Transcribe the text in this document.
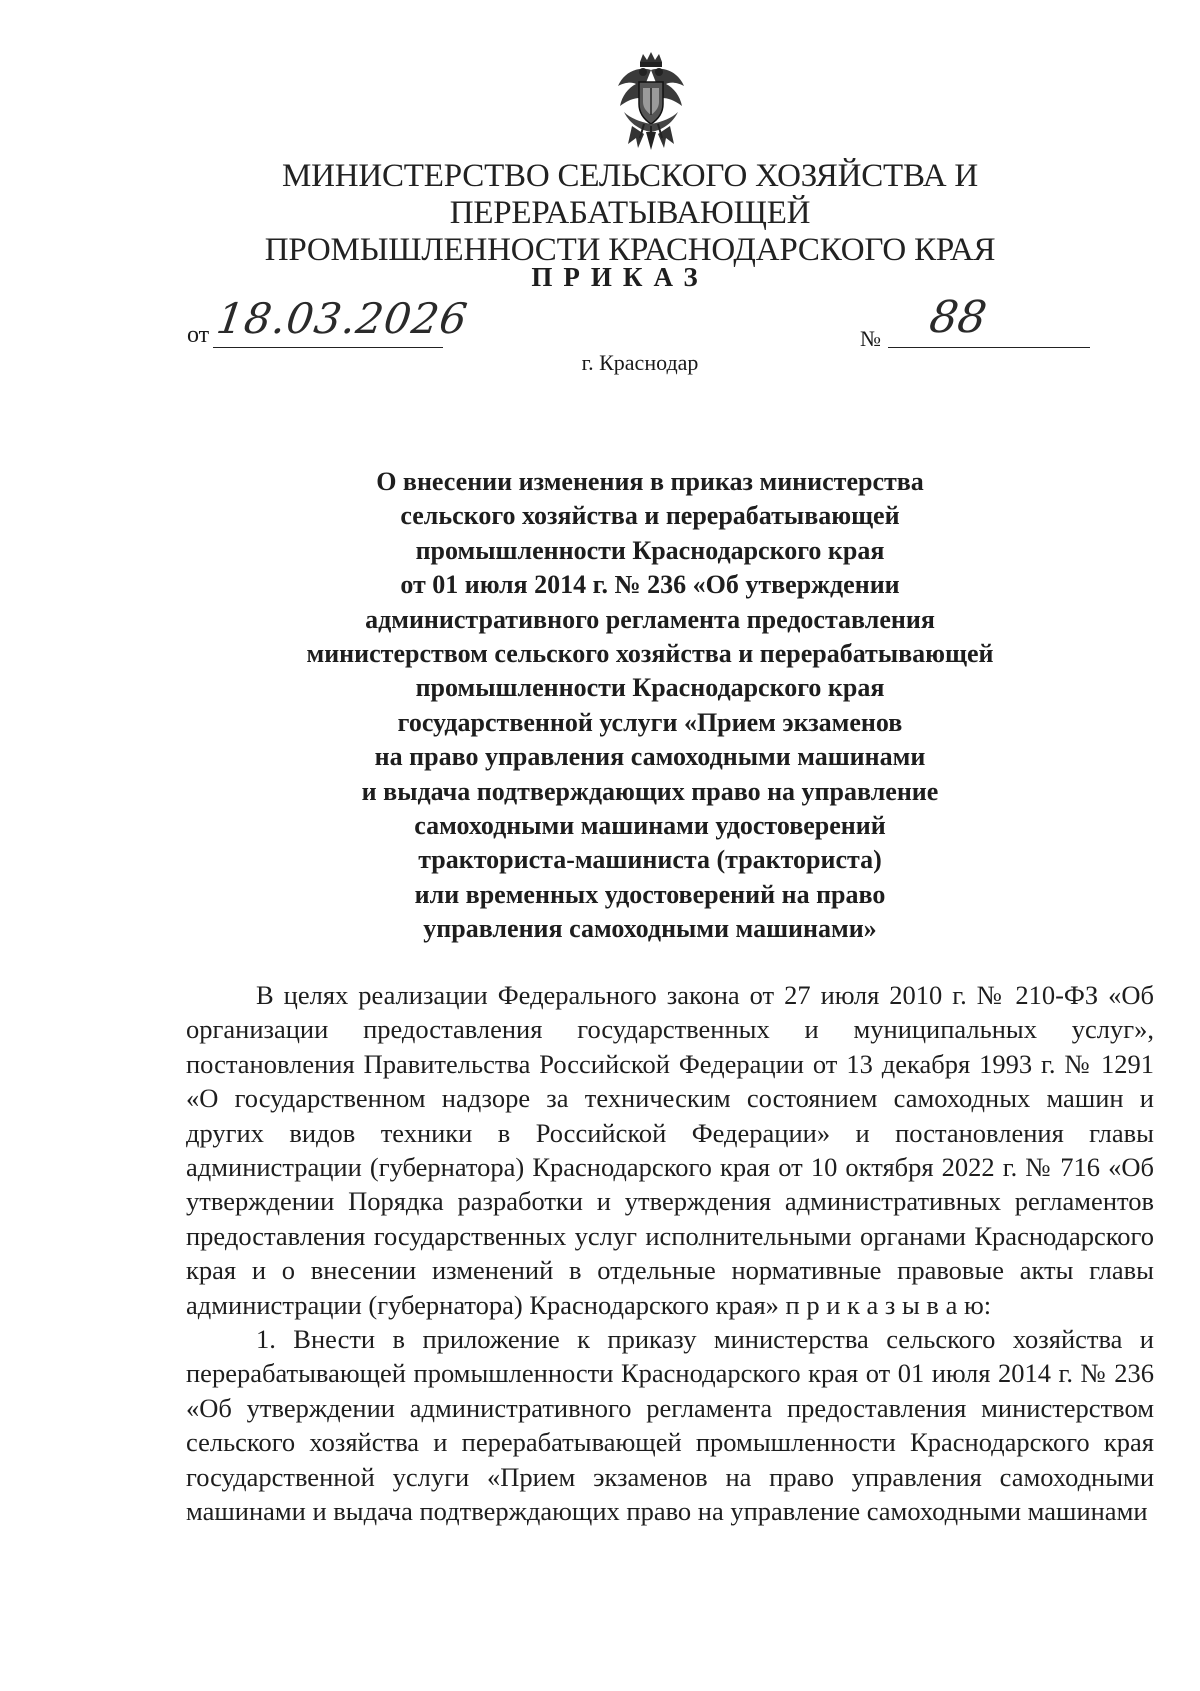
МИНИСТЕРСТВО СЕЛЬСКОГО ХОЗЯЙСТВА И ПЕРЕРАБАТЫВАЮЩЕЙ
ПРОМЫШЛЕННОСТИ КРАСНОДАРСКОГО КРАЯ
ПРИКАЗ
от 18.03.2026	№ 88
г. Краснодар
О внесении изменения в приказ министерства
сельского хозяйства и перерабатывающей
промышленности Краснодарского края
от 01 июля 2014 г. № 236 «Об утверждении
административного регламента предоставления
министерством сельского хозяйства и перерабатывающей
промышленности Краснодарского края
государственной услуги «Прием экзаменов
на право управления самоходными машинами
и выдача подтверждающих право на управление
самоходными машинами удостоверений
тракториста-машиниста (тракториста)
или временных удостоверений на право
управления самоходными машинами»

В целях реализации Федерального закона от 27 июля 2010 г. № 210-ФЗ «Об организации предоставления государственных и муниципальных услуг», постановления Правительства Российской Федерации от 13 декабря 1993 г. № 1291 «О государственном надзоре за техническим состоянием самоходных машин и других видов техники в Российской Федерации» и постановления главы администрации (губернатора) Краснодарского края от 10 октября 2022 г. № 716 «Об утверждении Порядка разработки и утверждения административных регламентов предоставления государственных услуг исполнительными органами Краснодарского края и о внесении изменений в отдельные нормативные правовые акты главы администрации (губернатора) Краснодарского края» п р и к а з ы в а ю:

1. Внести в приложение к приказу министерства сельского хозяйства и перерабатывающей промышленности Краснодарского края от 01 июля 2014 г. № 236 «Об утверждении административного регламента предоставления министерством сельского хозяйства и перерабатывающей промышленности Краснодарского края государственной услуги «Прием экзаменов на право управления самоходными машинами и выдача подтверждающих право на управление самоходными машинами
